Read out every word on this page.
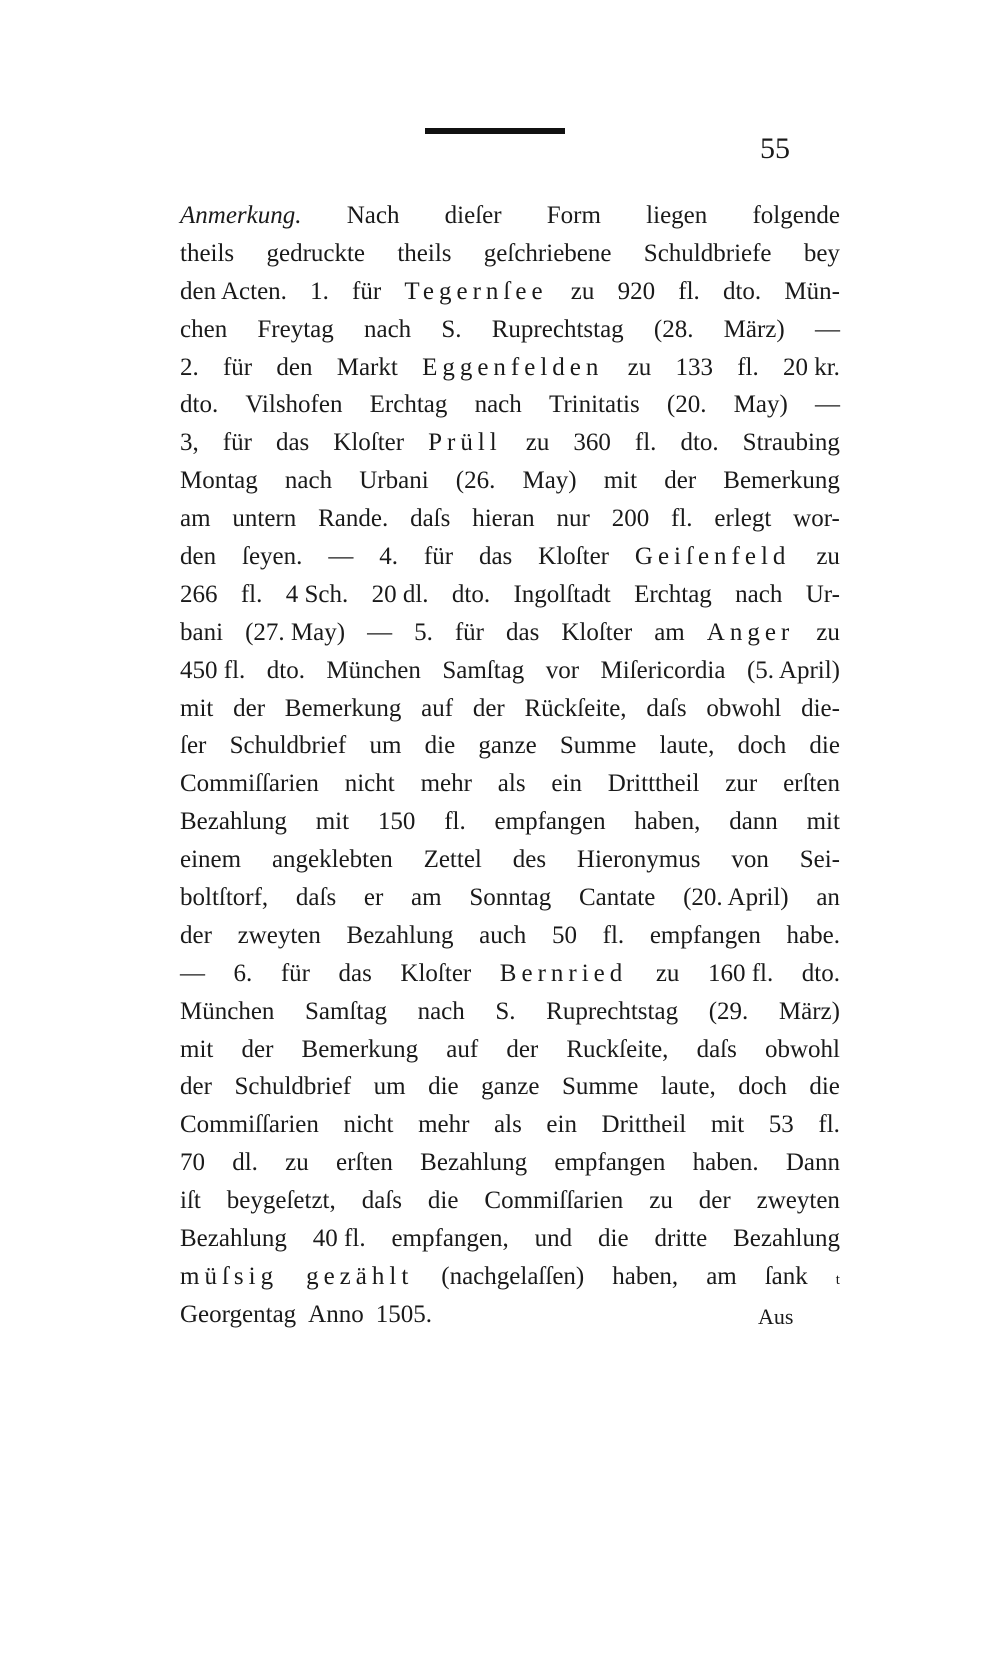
55
Anmerkung. Nach dieſer Form liegen folgende
theils gedruckte theils geſchriebene Schuldbriefe bey
den Acten. 1. für Tegernſee zu 920 fl. dto. Mün-
chen Freytag nach S. Ruprechtstag (28. März) —
2. für den Markt Eggenfelden zu 133 fl. 20 kr.
dto. Vilshofen Erchtag nach Trinitatis (20. May) —
3, für das Kloſter Prüll zu 360 fl. dto. Straubing
Montag nach Urbani (26. May) mit der Bemerkung
am untern Rande. daſs hieran nur 200 fl. erlegt wor-
den ſeyen. — 4. für das Kloſter Geiſenfeld zu
266 fl. 4 Sch. 20 dl. dto. Ingolſtadt Erchtag nach Ur-
bani (27. May) — 5. für das Kloſter am Anger zu
450 fl. dto. München Samſtag vor Miſericordia (5. April)
mit der Bemerkung auf der Rückſeite, daſs obwohl die-
ſer Schuldbrief um die ganze Summe laute, doch die
Commiſſarien nicht mehr als ein Dritttheil zur erſten
Bezahlung mit 150 fl. empfangen haben, dann mit
einem angeklebten Zettel des Hieronymus von Sei-
boltſtorf, daſs er am Sonntag Cantate (20. April) an
der zweyten Bezahlung auch 50 fl. empfangen habe.
— 6. für das Kloſter Bernried zu 160 fl. dto.
München Samſtag nach S. Ruprechtstag (29. März)
mit der Bemerkung auf der Ruckſeite, daſs obwohl
der Schuldbrief um die ganze Summe laute, doch die
Commiſſarien nicht mehr als ein Drittheil mit 53 fl.
70 dl. zu erſten Bezahlung empfangen haben. Dann
iſt beygeſetzt, daſs die Commiſſarien zu der zweyten
Bezahlung 40 fl. empfangen, und die dritte Bezahlung
müſsig gezählt (nachgelaſſen) haben, am ſank t
Georgentag Anno 1505.	Aus
